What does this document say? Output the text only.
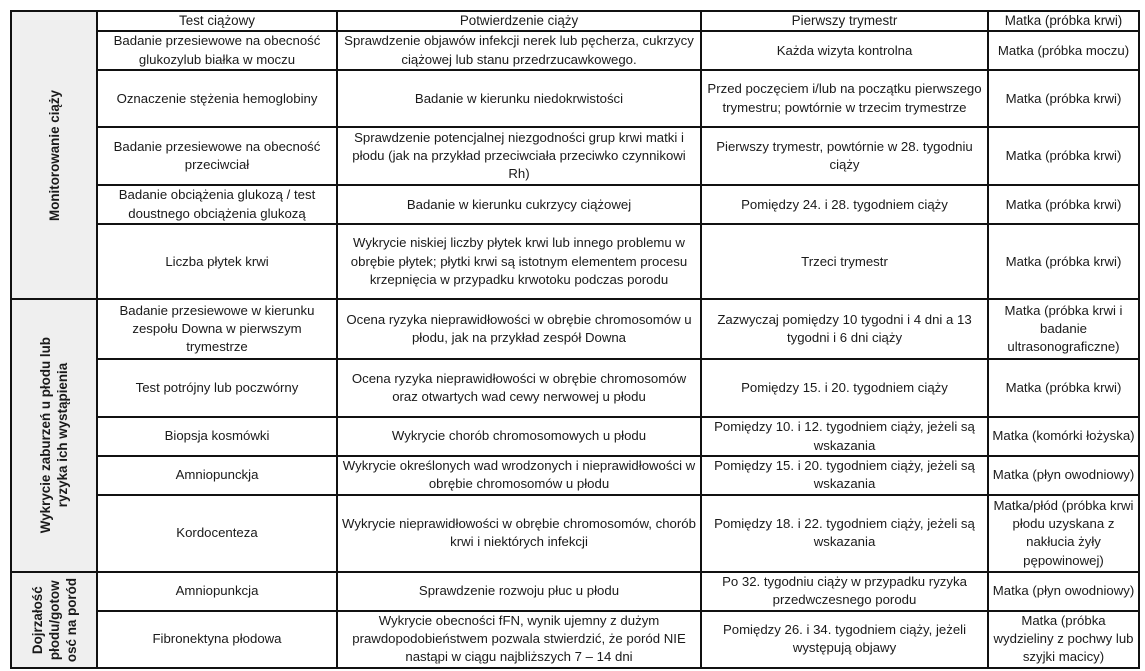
Monitorowanie ciąży	Test ciążowy	Potwierdzenie ciąży	Pierwszy trymestr	Matka (próbka krwi)
	Badanie przesiewowe na obecność glukozylub białka w moczu	Sprawdzenie objawów infekcji nerek lub pęcherza, cukrzycy ciążowej lub stanu przedrzucawkowego.	Każda wizyta kontrolna	Matka (próbka moczu)
	Oznaczenie stężenia hemoglobiny	Badanie w kierunku niedokrwistości	Przed poczęciem i/lub na początku pierwszego trymestru; powtórnie w trzecim trymestrze	Matka (próbka krwi)
	Badanie przesiewowe na obecność przeciwciał	Sprawdzenie potencjalnej niezgodności grup krwi matki i płodu (jak na przykład przeciwciała przeciwko czynnikowi Rh)	Pierwszy trymestr, powtórnie w 28. tygodniu ciąży	Matka (próbka krwi)
	Badanie obciążenia glukozą / test doustnego obciążenia glukozą	Badanie w kierunku cukrzycy ciążowej	Pomiędzy 24. i 28. tygodniem ciąży	Matka (próbka krwi)
	Liczba płytek krwi	Wykrycie niskiej liczby płytek krwi lub innego problemu w obrębie płytek; płytki krwi są istotnym elementem procesu krzepnięcia w przypadku krwotoku podczas porodu	Trzeci trymestr	Matka (próbka krwi)

Wykrycie zaburzeń u płodu lub
ryzyka ich wystąpienia	Badanie przesiewowe w kierunku zespołu Downa w pierwszym trymestrze	Ocena ryzyka nieprawidłowości w obrębie chromosomów u płodu, jak na przykład zespół Downa	Zazwyczaj pomiędzy 10 tygodni i 4 dni a 13 tygodni i 6 dni ciąży	Matka (próbka krwi i badanie ultrasonograficzne)
	Test potrójny lub poczwórny	Ocena ryzyka nieprawidłowości w obrębie chromosomów oraz otwartych wad cewy nerwowej u płodu	Pomiędzy 15. i 20. tygodniem ciąży	Matka (próbka krwi)
	Biopsja kosmówki	Wykrycie chorób chromosomowych u płodu	Pomiędzy 10. i 12. tygodniem ciąży, jeżeli są wskazania	Matka (komórki łożyska)
	Amniopunckja	Wykrycie określonych wad wrodzonych i nieprawidłowości w obrębie chromosomów u płodu	Pomiędzy 15. i 20. tygodniem ciąży, jeżeli są wskazania	Matka (płyn owodniowy)
	Kordocenteza	Wykrycie nieprawidłowości w obrębie chromosomów, chorób krwi i niektórych infekcji	Pomiędzy 18. i 22. tygodniem ciąży, jeżeli są wskazania	Matka/płód (próbka krwi płodu uzyskana z nakłucia żyły pępowinowej)

Dojrzałość
płodu/gotow
osć na poród	Amniopunkcja	Sprawdzenie rozwoju płuc u płodu	Po 32. tygodniu ciąży w przypadku ryzyka przedwczesnego porodu	Matka (płyn owodniowy)
	Fibronektyna płodowa	Wykrycie obecności fFN, wynik ujemny z dużym prawdopodobieństwem pozwala stwierdzić, że poród NIE nastąpi w ciągu najbliższych 7 – 14 dni	Pomiędzy 26. i 34. tygodniem ciąży, jeżeli występują objawy	Matka (próbka wydzieliny z pochwy lub szyjki macicy)
